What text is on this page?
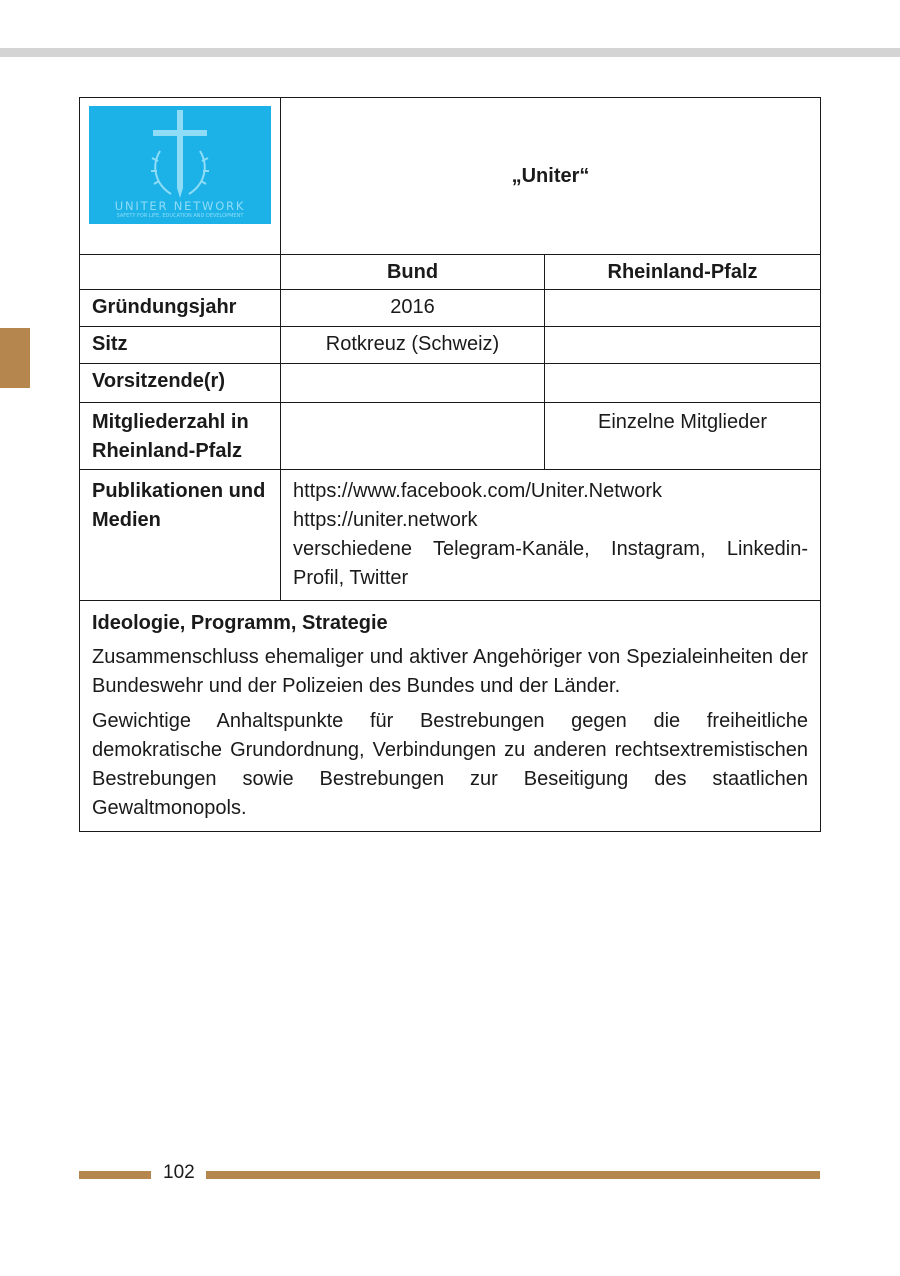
UNITER NETWORK
SAFETY FOR LIFE, EDUCATION AND DEVELOPMENT	„Uniter“	
	Bund	Rheinland-Pfalz
Gründungsjahr	2016	
Sitz	Rotkreuz (Schweiz)	
Vorsitzende(r)		
Mitgliederzahl in Rheinland-Pfalz		Einzelne Mitglieder
Publikationen und Medien	https://www.facebook.com/Uniter.Network
https://uniter.network
verschiedene Telegram-Kanäle, Instagram, Linkedin-Profil, Twitter	

Ideologie, Programm, Strategie

Zusammenschluss ehemaliger und aktiver Angehöriger von Spezialeinheiten der Bundeswehr und der Polizeien des Bundes und der Länder.

Gewichtige Anhaltspunkte für Bestrebungen gegen die freiheitliche demokratische Grundordnung, Verbindungen zu anderen rechtsextremistischen Bestrebungen sowie Bestrebungen zur Beseitigung des staatlichen Gewaltmonopols.		

102
